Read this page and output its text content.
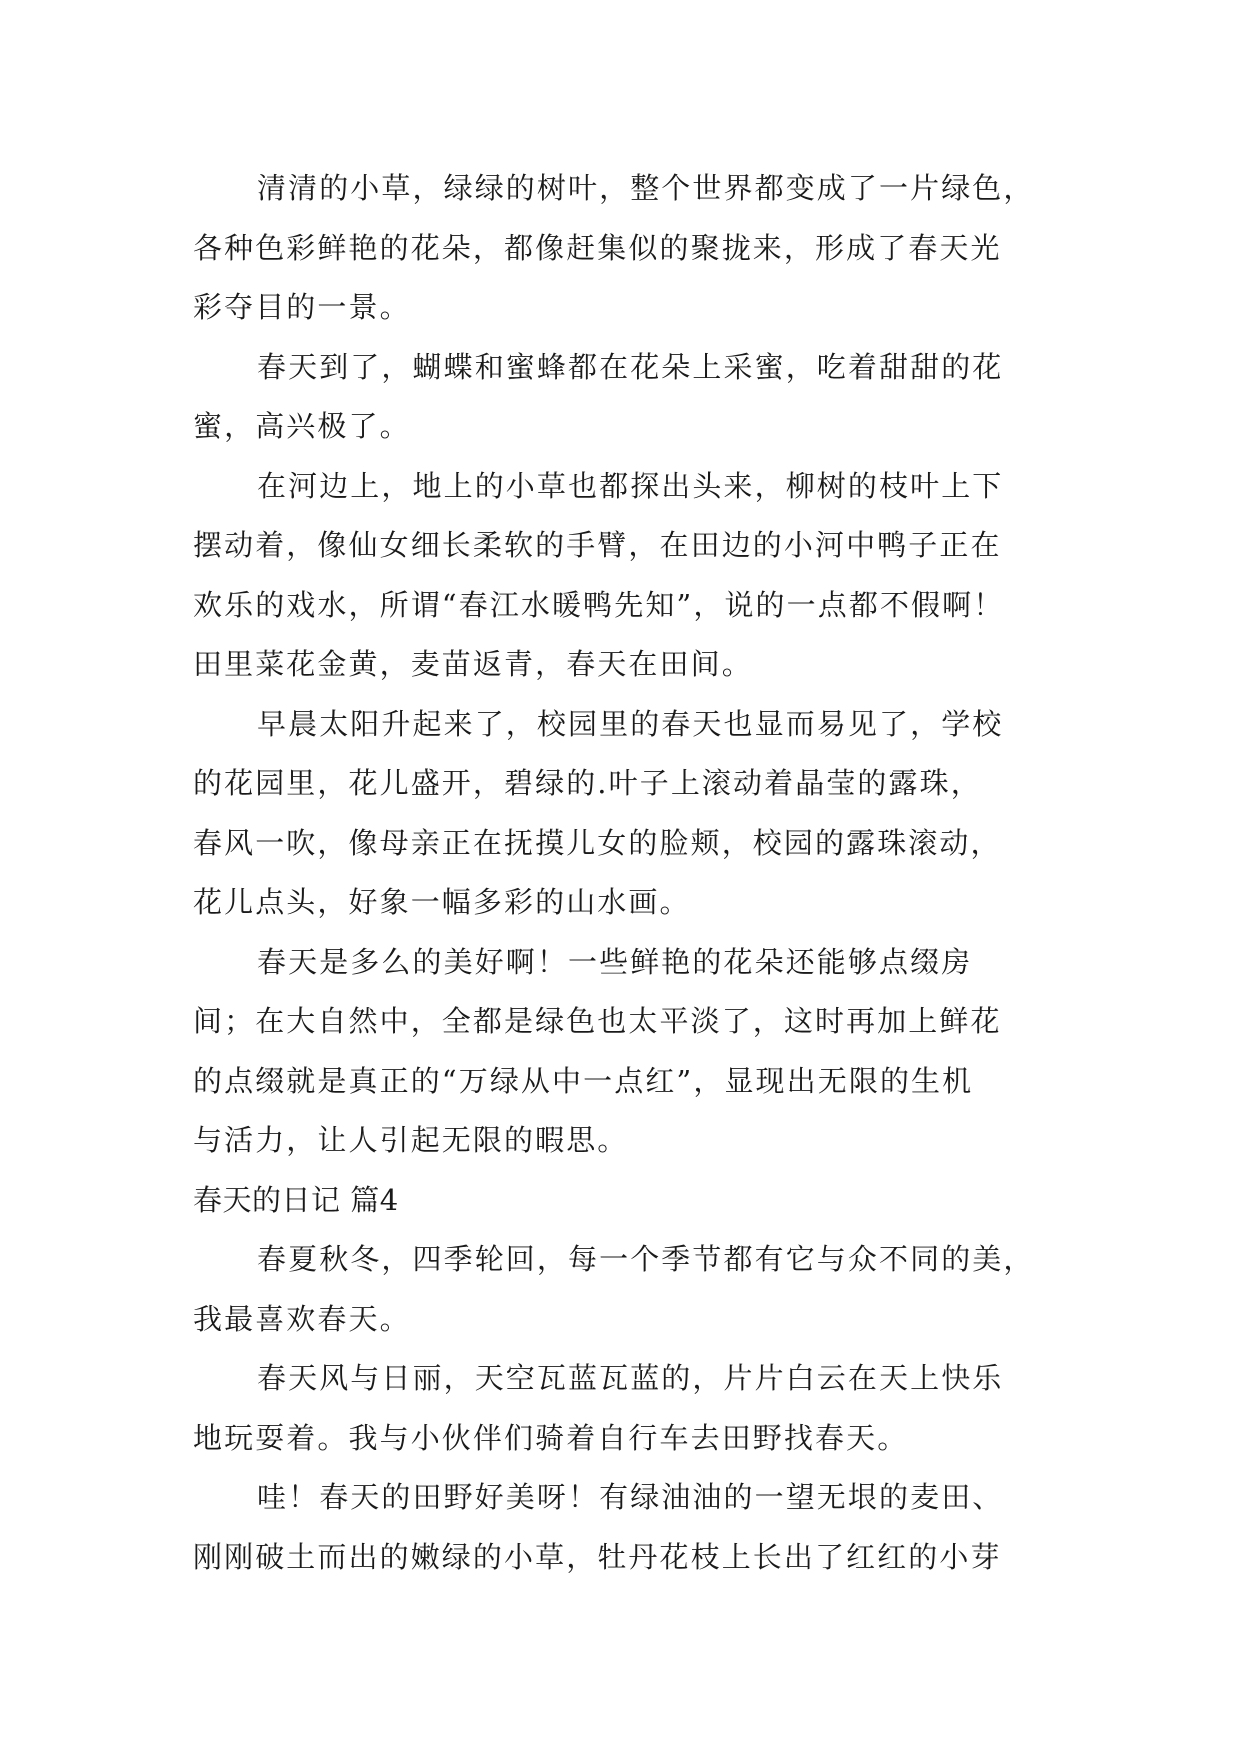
清清的小草，绿绿的树叶，整个世界都变成了一片绿色，
各种色彩鲜艳的花朵，都像赶集似的聚拢来，形成了春天光
彩夺目的一景。
春天到了，蝴蝶和蜜蜂都在花朵上采蜜，吃着甜甜的花
蜜，高兴极了。
在河边上，地上的小草也都探出头来，柳树的枝叶上下
摆动着，像仙女细长柔软的手臂，在田边的小河中鸭子正在
欢乐的戏水，所谓“春江水暖鸭先知”，说的一点都不假啊！
田里菜花金黄，麦苗返青，春天在田间。
早晨太阳升起来了，校园里的春天也显而易见了，学校
的花园里，花儿盛开，碧绿的.叶子上滚动着晶莹的露珠，
春风一吹，像母亲正在抚摸儿女的脸颊，校园的露珠滚动，
花儿点头，好象一幅多彩的山水画。
春天是多么的美好啊！一些鲜艳的花朵还能够点缀房
间；在大自然中，全都是绿色也太平淡了，这时再加上鲜花
的点缀就是真正的“万绿从中一点红”，显现出无限的生机
与活力，让人引起无限的暇思。
春天的日记 篇4
春夏秋冬，四季轮回，每一个季节都有它与众不同的美，
我最喜欢春天。
春天风与日丽，天空瓦蓝瓦蓝的，片片白云在天上快乐
地玩耍着。我与小伙伴们骑着自行车去田野找春天。
哇！春天的田野好美呀！有绿油油的一望无垠的麦田、
刚刚破土而出的嫩绿的小草，牡丹花枝上长出了红红的小芽
